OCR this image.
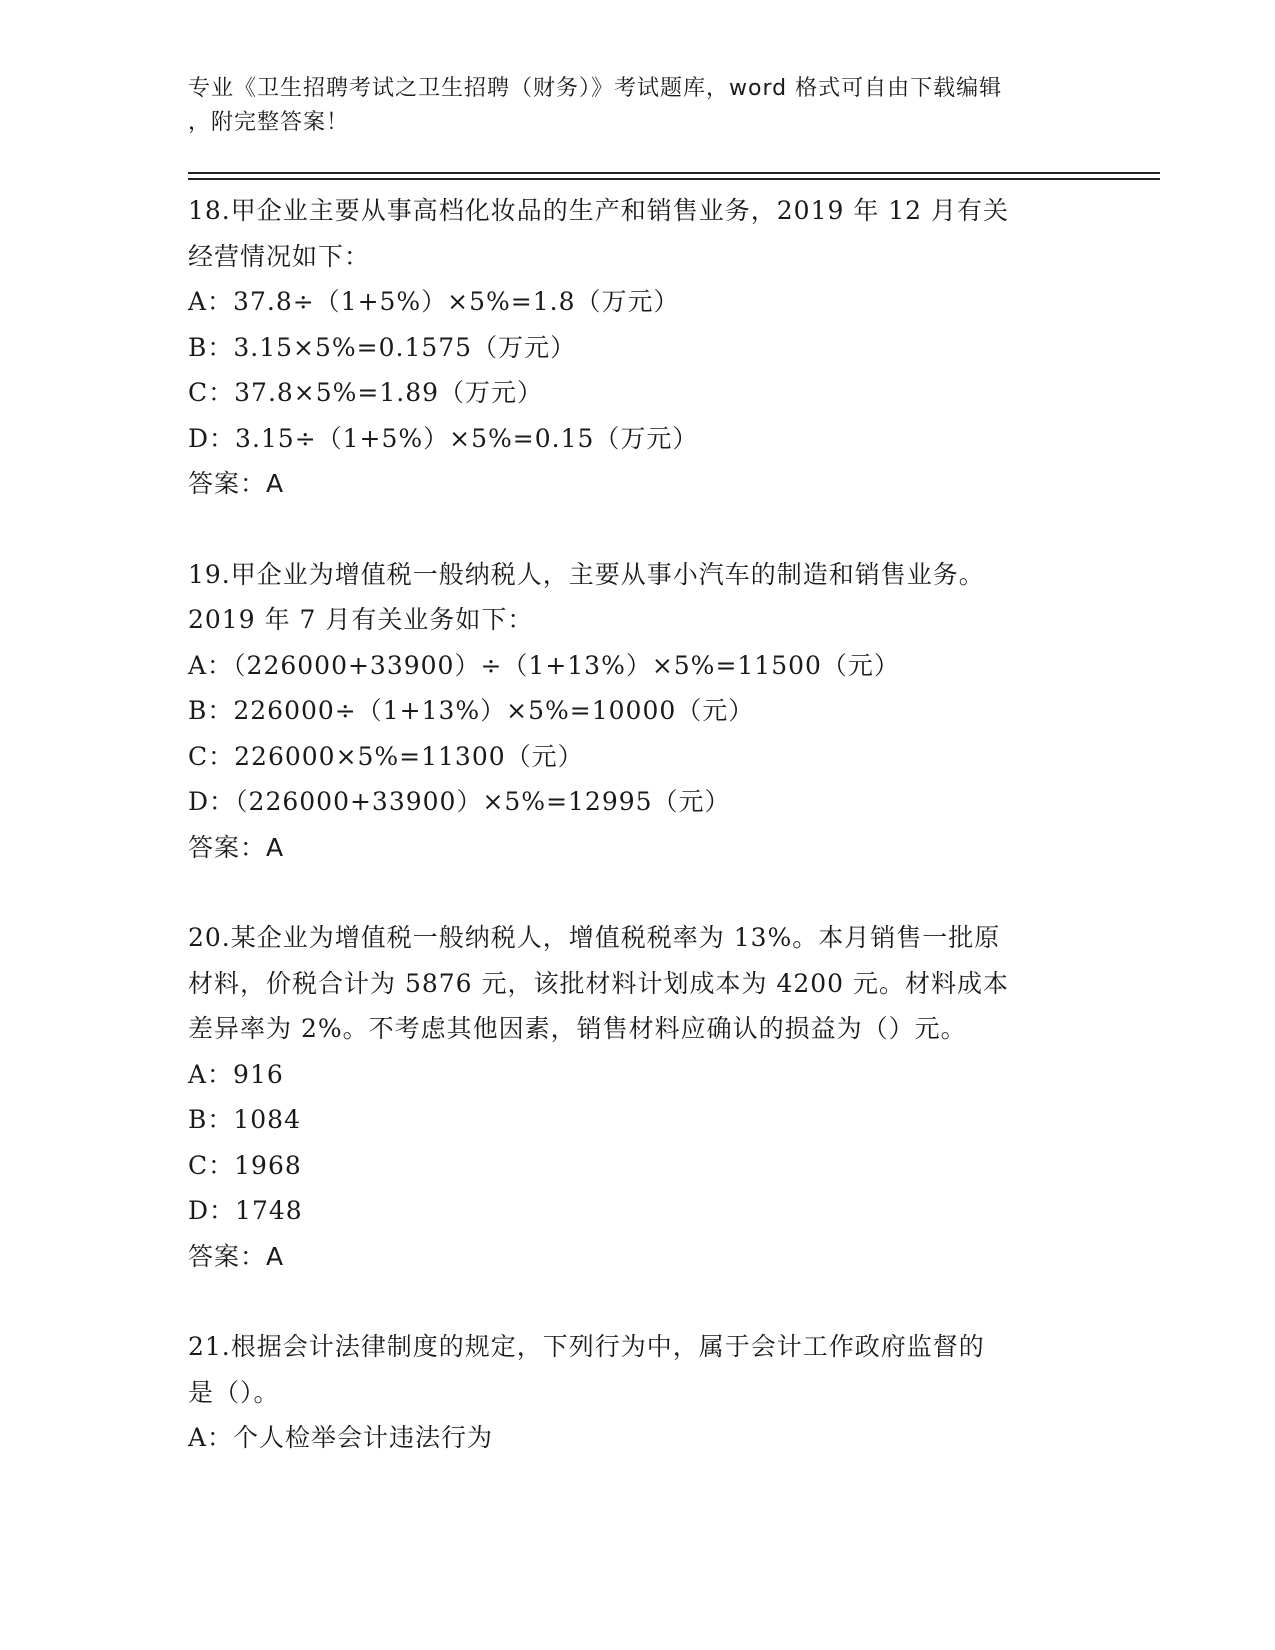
专业《卫生招聘考试之卫生招聘（财务）》考试题库，word 格式可自由下载编辑
，附完整答案！
18.甲企业主要从事高档化妆品的生产和销售业务，2019 年 12 月有关
经营情况如下：
A：37.8÷（1+5%）×5%=1.8（万元）
B：3.15×5%=0.1575（万元）
C：37.8×5%=1.89（万元）
D：3.15÷（1+5%）×5%=0.15（万元）
答案：A
19.甲企业为增值税一般纳税人，主要从事小汽车的制造和销售业务。
2019 年 7 月有关业务如下：
A：（226000+33900）÷（1+13%）×5%=11500（元）
B：226000÷（1+13%）×5%=10000（元）
C：226000×5%=11300（元）
D：（226000+33900）×5%=12995（元）
答案：A
20.某企业为增值税一般纳税人，增值税税率为 13%。本月销售一批原
材料，价税合计为 5876 元，该批材料计划成本为 4200 元。材料成本
差异率为 2%。不考虑其他因素，销售材料应确认的损益为（）元。
A：916
B：1084
C：1968
D：1748
答案：A
21.根据会计法律制度的规定，下列行为中，属于会计工作政府监督的
是（）。
A：个人检举会计违法行为
